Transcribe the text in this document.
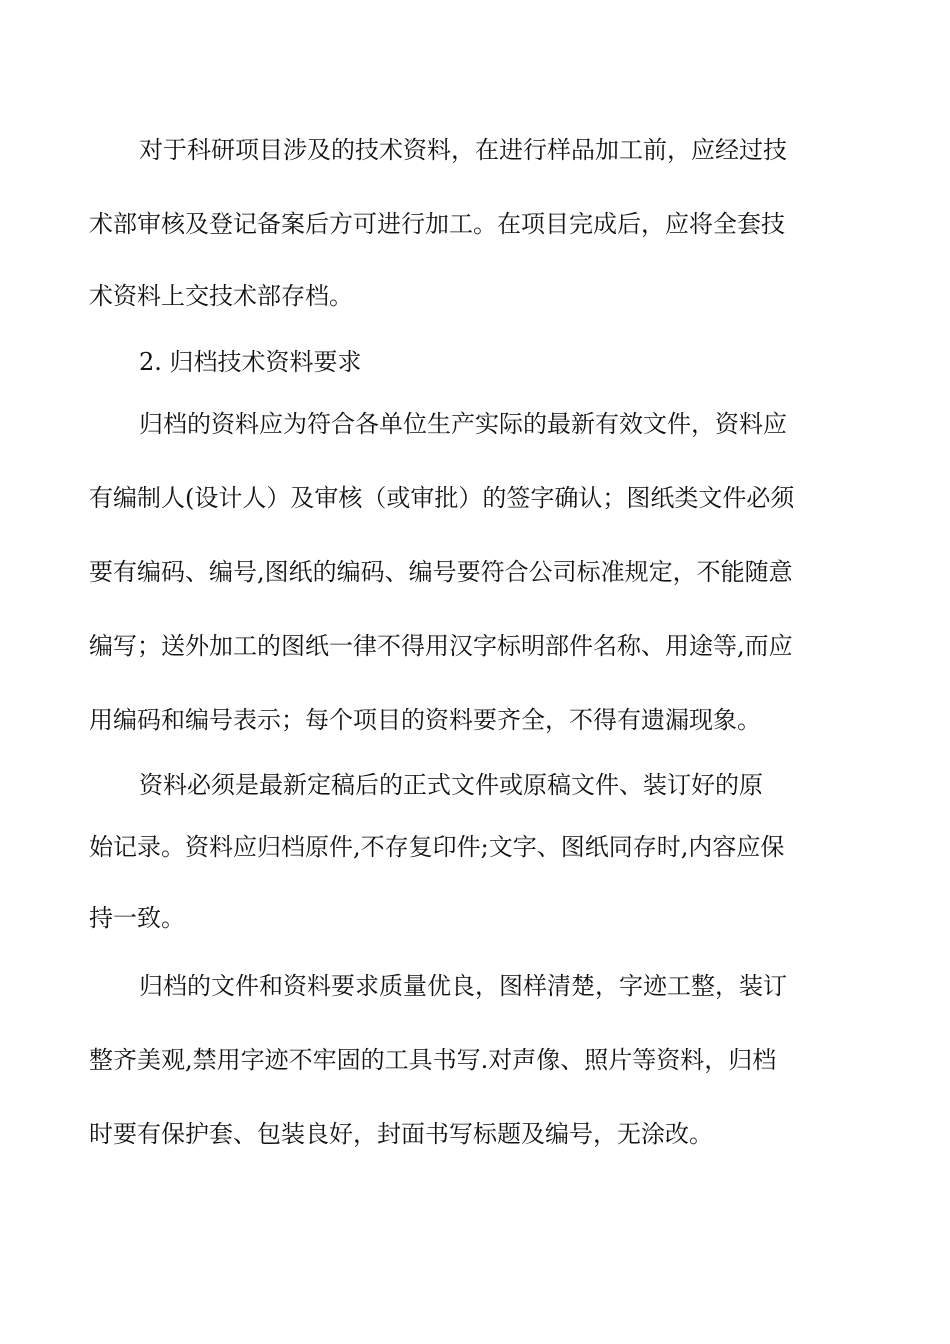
对于科研项目涉及的技术资料，在进行样品加工前，应经过技
术部审核及登记备案后方可进行加工。在项目完成后，应将全套技
术资料上交技术部存档。
2. 归档技术资料要求
归档的资料应为符合各单位生产实际的最新有效文件，资料应
有编制人(设计人）及审核（或审批）的签字确认；图纸类文件必须
要有编码、编号,图纸的编码、编号要符合公司标准规定，不能随意
编写；送外加工的图纸一律不得用汉字标明部件名称、用途等,而应
用编码和编号表示；每个项目的资料要齐全，不得有遗漏现象。
资料必须是最新定稿后的正式文件或原稿文件、装订好的原
始记录。资料应归档原件,不存复印件;文字、图纸同存时,内容应保
持一致。
归档的文件和资料要求质量优良，图样清楚，字迹工整，装订
整齐美观,禁用字迹不牢固的工具书写.对声像、照片等资料，归档
时要有保护套、包装良好，封面书写标题及编号，无涂改。
